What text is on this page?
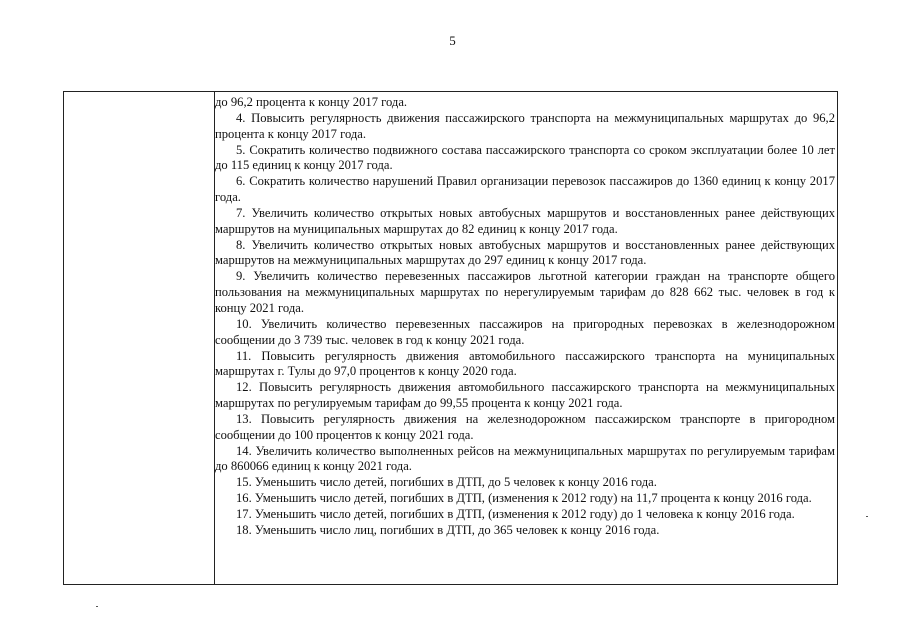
5

до 96,2 процента к концу 2017 года.

4. Повысить регулярность движения пассажирского транспорта на межмуниципальных маршрутах до 96,2 процента к концу 2017 года.

5. Сократить количество подвижного состава пассажирского транспорта со сроком эксплуатации более 10 лет до 115 единиц к концу 2017 года.

6. Сократить количество нарушений Правил организации перевозок пассажиров до 1360 единиц к концу 2017 года.

7. Увеличить количество открытых новых автобусных маршрутов и восстановленных ранее действующих маршрутов на муниципальных маршрутах до 82 единиц к концу 2017 года.

8. Увеличить количество открытых новых автобусных маршрутов и восстановленных ранее действующих маршрутов на межмуниципальных маршрутах до 297 единиц к концу 2017 года.

9. Увеличить количество перевезенных пассажиров льготной категории граждан на транспорте общего пользования на межмуниципальных маршрутах по нерегулируемым тарифам до 828 662 тыс. человек в год к концу 2021 года.

10. Увеличить количество перевезенных пассажиров на пригородных перевозках в железнодорожном сообщении до 3 739 тыс. человек в год к концу 2021 года.

11. Повысить регулярность движения автомобильного пассажирского транспорта на муниципальных маршрутах г. Тулы до 97,0 процентов к концу 2020 года.

12. Повысить регулярность движения автомобильного пассажирского транспорта на межмуниципальных маршрутах по регулируемым тарифам до 99,55 процента к концу 2021 года.

13. Повысить регулярность движения на железнодорожном пассажирском транспорте в пригородном сообщении до 100 процентов к концу 2021 года.

14. Увеличить количество выполненных рейсов на межмуниципальных маршрутах по регулируемым тарифам до 860066 единиц к концу 2021 года.

15. Уменьшить число детей, погибших в ДТП, до 5 человек к концу 2016 года.

16. Уменьшить число детей, погибших в ДТП, (изменения к 2012 году) на 11,7 процента к концу 2016 года.

17. Уменьшить число детей, погибших в ДТП, (изменения к 2012 году) до 1 человека к концу 2016 года.

18. Уменьшить число лиц, погибших в ДТП, до 365 человек к концу 2016 года.
